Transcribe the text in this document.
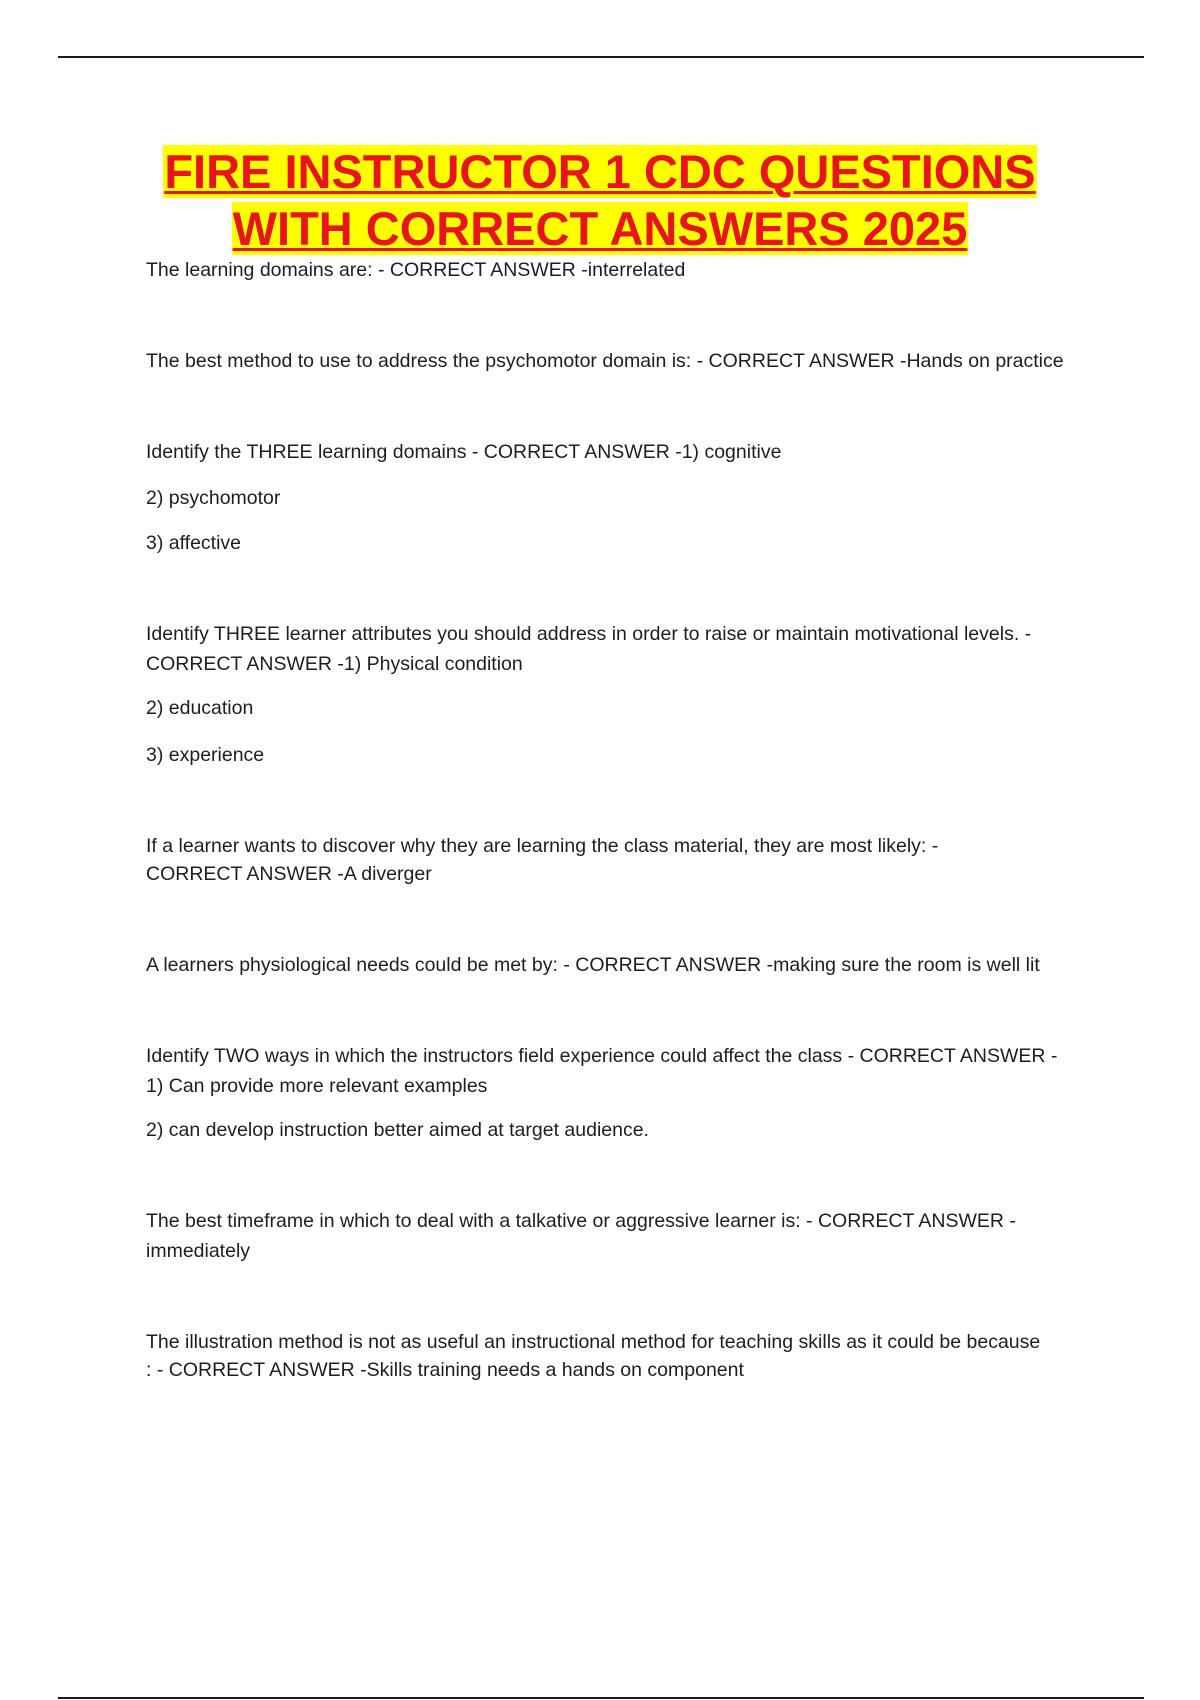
FIRE INSTRUCTOR 1 CDC QUESTIONS
WITH CORRECT ANSWERS 2025
The learning domains are: - CORRECT ANSWER -interrelated
The best method to use to address the psychomotor domain is: - CORRECT ANSWER -Hands on practice
Identify the THREE learning domains - CORRECT ANSWER -1) cognitive
2) psychomotor
3) affective
Identify THREE learner attributes you should address in order to raise or maintain motivational levels. -
CORRECT ANSWER -1) Physical condition
2) education
3) experience
If a learner wants to discover why they are learning the class material, they are most likely: -
CORRECT ANSWER -A diverger
A learners physiological needs could be met by: - CORRECT ANSWER -making sure the room is well lit
Identify TWO ways in which the instructors field experience could affect the class - CORRECT ANSWER -
1) Can provide more relevant examples
2) can develop instruction better aimed at target audience.
The best timeframe in which to deal with a talkative or aggressive learner is: - CORRECT ANSWER -
immediately
The illustration method is not as useful an instructional method for teaching skills as it could be because
: - CORRECT ANSWER -Skills training needs a hands on component
